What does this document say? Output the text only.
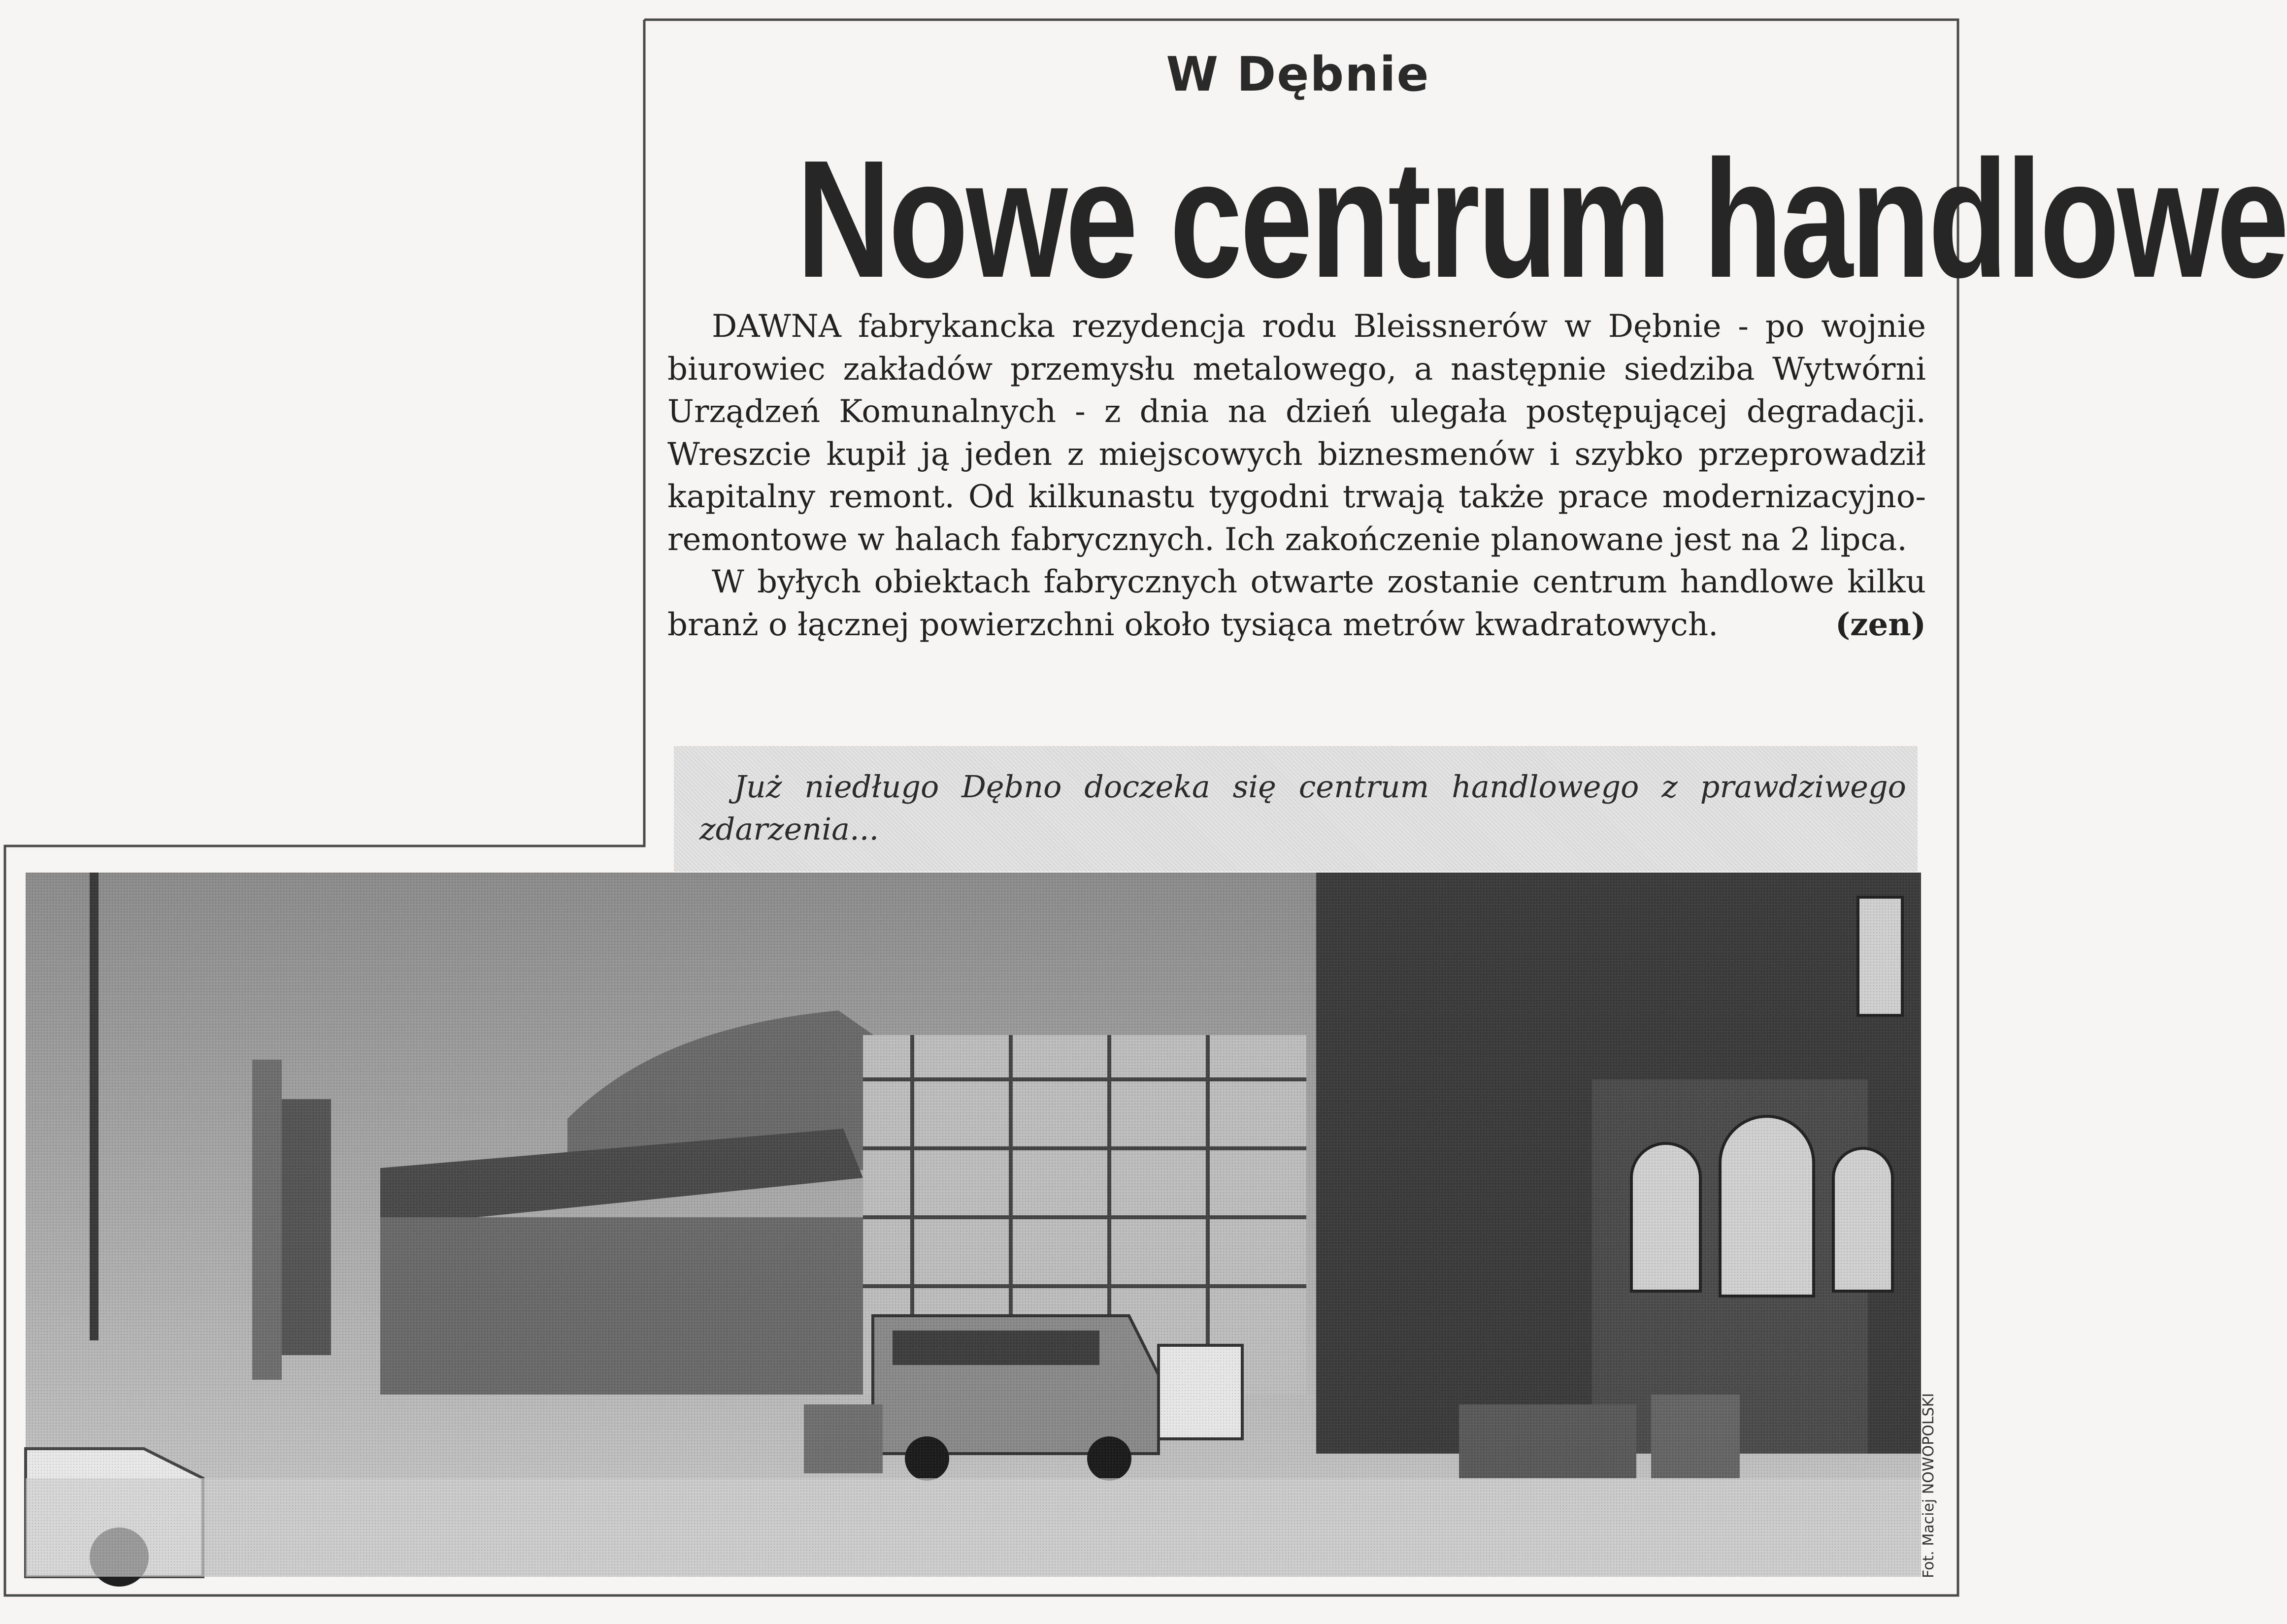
W Dębnie
Nowe centrum handlowe

DAWNA fabrykancka rezydencja rodu Bleissnerów w Dębnie - po wojnie biurowiec zakładów przemysłu metalowego, a następnie siedziba Wytwórni Urządzeń Komunalnych - z dnia na dzień ulegała postępującej degradacji. Wreszcie kupił ją jeden z miejscowych biznesmenów i szybko przeprowadził kapitalny remont. Od kilkunastu tygodni trwają także prace modernizacyjno-remontowe w halach fabrycznych. Ich zakończenie planowane jest na 2 lipca.

W byłych obiektach fabrycznych otwarte zostanie centrum handlowe kilku branż o łącznej powierzchni około tysiąca metrów kwadratowych.	(zen)

Już niedługo Dębno doczeka się centrum handlowego z prawdziwego zdarzenia...
Fot. Maciej NOWOPOLSKI
